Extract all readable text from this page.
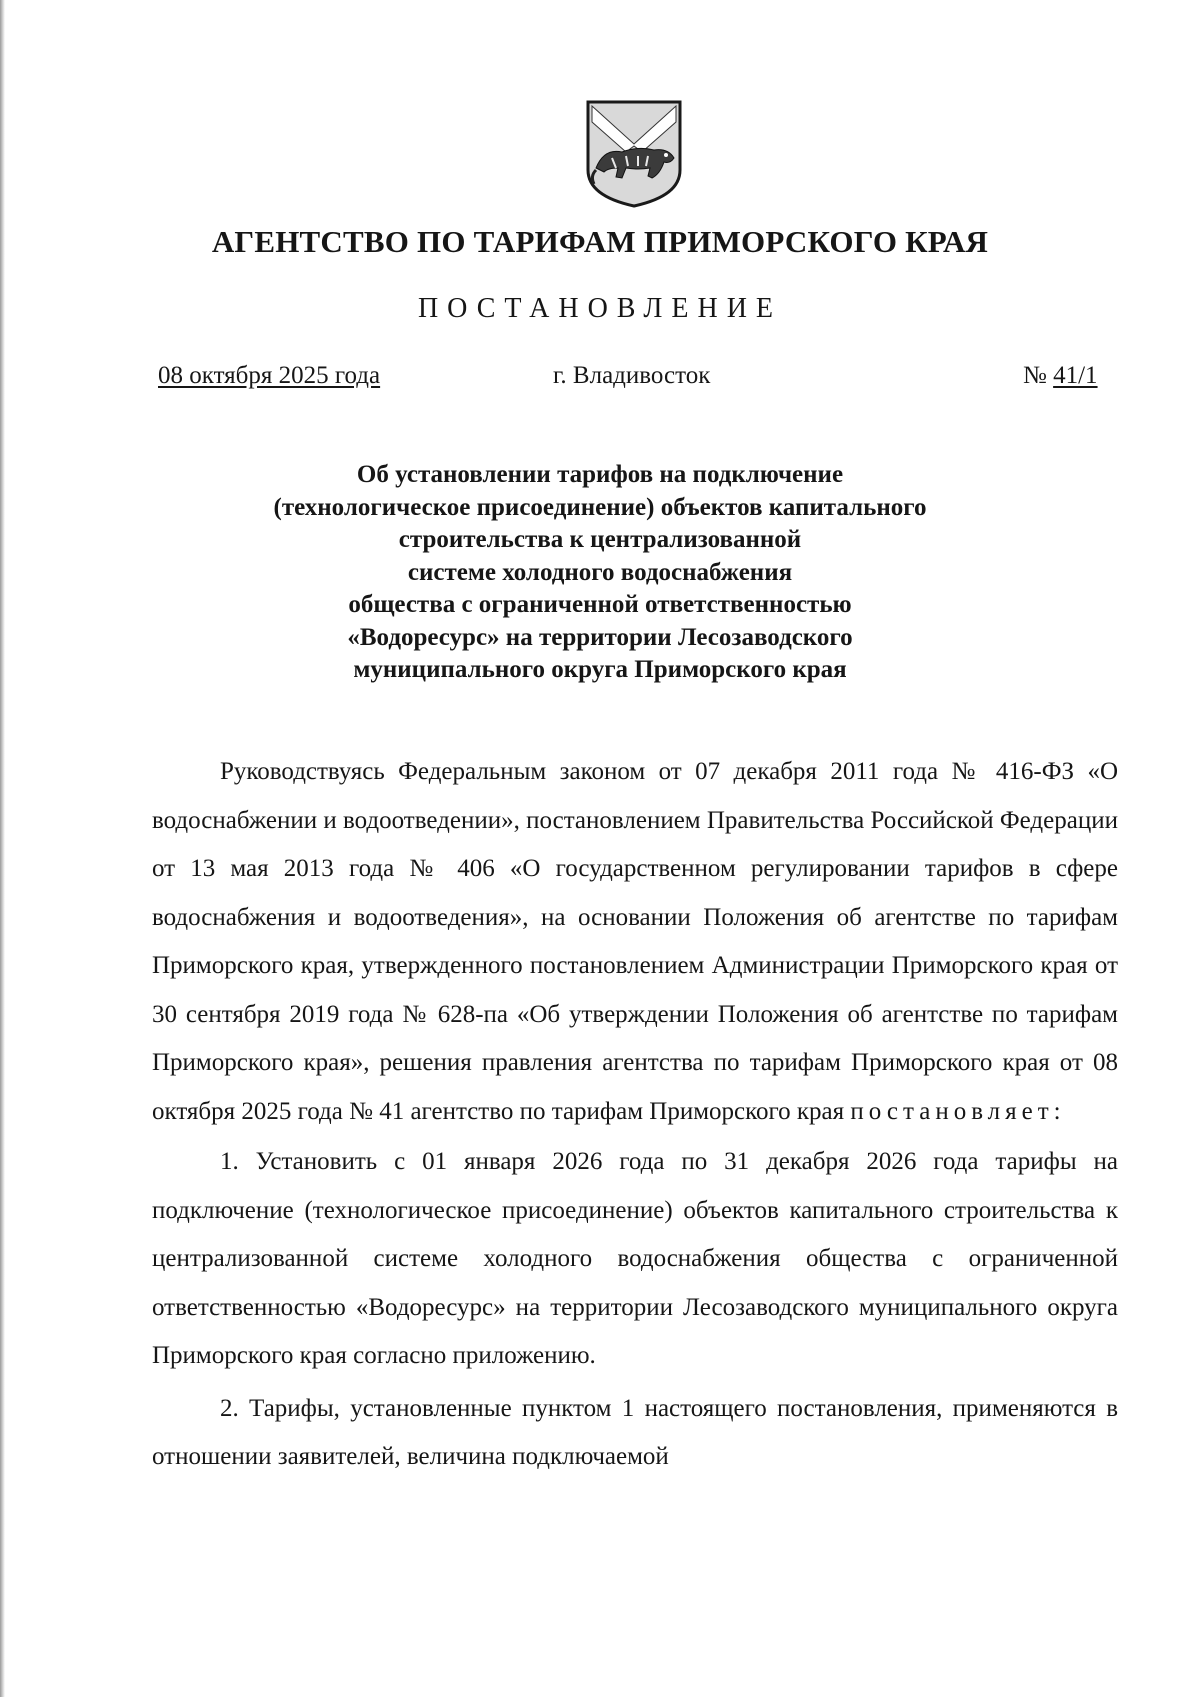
АГЕНТСТВО ПО ТАРИФАМ ПРИМОРСКОГО КРАЯ
ПОСТАНОВЛЕНИЕ
08 октября 2025 года	г. Владивосток	№ 41/1
Об установлении тарифов на подключение
(технологическое присоединение) объектов капитального
строительства к централизованной
системе холодного водоснабжения
общества с ограниченной ответственностью
«Водоресурс» на территории Лесозаводского
муниципального округа Приморского края

Руководствуясь Федеральным законом от 07 декабря 2011 года № 416-ФЗ «О водоснабжении и водоотведении», постановлением Правительства Российской Федерации от 13 мая 2013 года № 406 «О государственном регулировании тарифов в сфере водоснабжения и водоотведения», на основании Положения об агентстве по тарифам Приморского края, утвержденного постановлением Администрации Приморского края от 30 сентября 2019 года № 628-па «Об утверждении Положения об агентстве по тарифам Приморского края», решения правления агентства по тарифам Приморского края от 08 октября 2025 года № 41 агентство по тарифам Приморского края постановляет:

1. Установить с 01 января 2026 года по 31 декабря 2026 года тарифы на подключение (технологическое присоединение) объектов капитального строительства к централизованной системе холодного водоснабжения общества с ограниченной ответственностью «Водоресурс» на территории Лесозаводского муниципального округа Приморского края согласно приложению.

2. Тарифы, установленные пунктом 1 настоящего постановления, применяются в отношении заявителей, величина подключаемой
